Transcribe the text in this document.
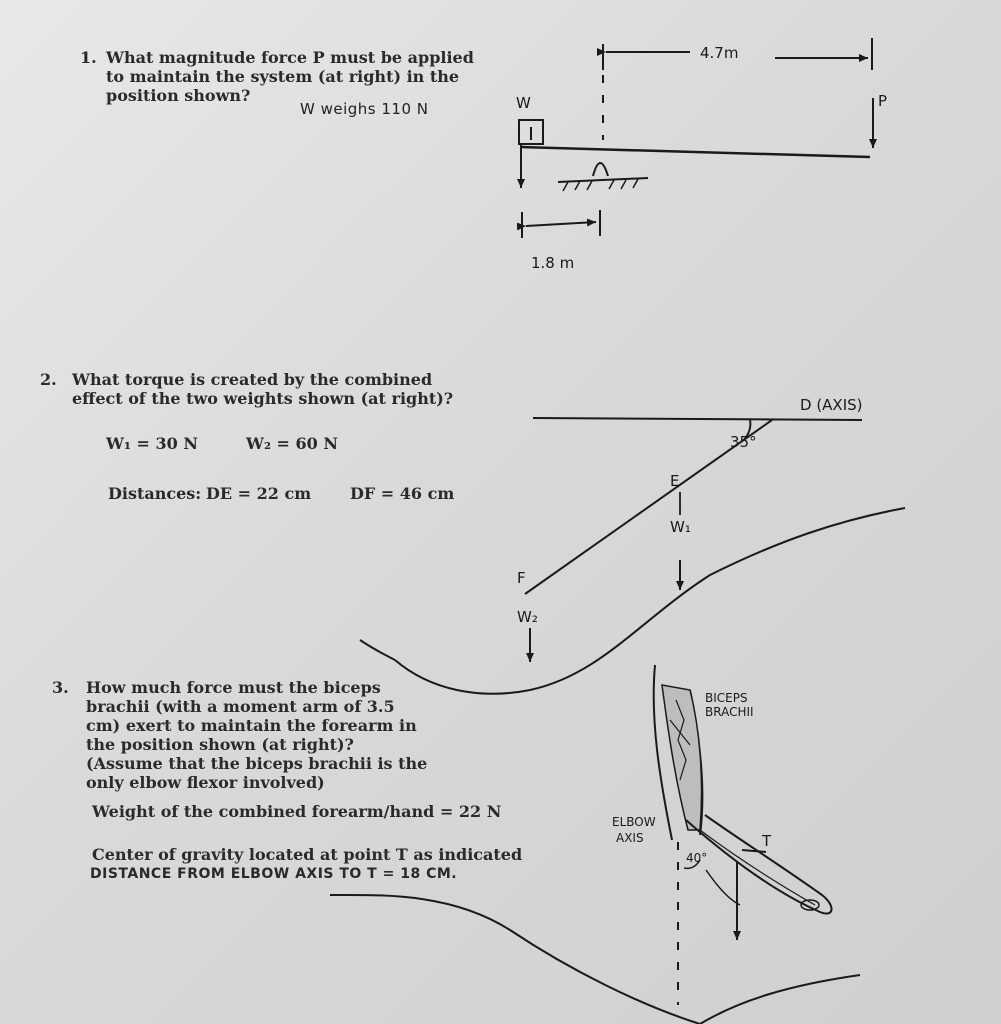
1. What magnitude force P must be applied to maintain the system (at right) in the position shown?
W weighs 110 N
2. What torque is created by the combined effect of the two weights shown (at right)?
W₁ = 30 N	W₂ = 60 N
Distances: DE = 22 cm DF = 46 cm
3.	How much force must the biceps brachii (with a moment arm of 3.5 cm) exert to maintain the forearm in the position shown (at right)? (Assume that the biceps brachii is the only elbow flexor involved)
Weight of the combined forearm/hand = 22 N
Center of gravity located at point T as indicated
DISTANCE FROM ELBOW AXIS TO T = 18 CM.
4.7m
1.8 m
W	P
D (AXIS)
35°
E
F
W₁
W₂
BICEPS
BRACHII
ELBOW
AXIS
40°
T
